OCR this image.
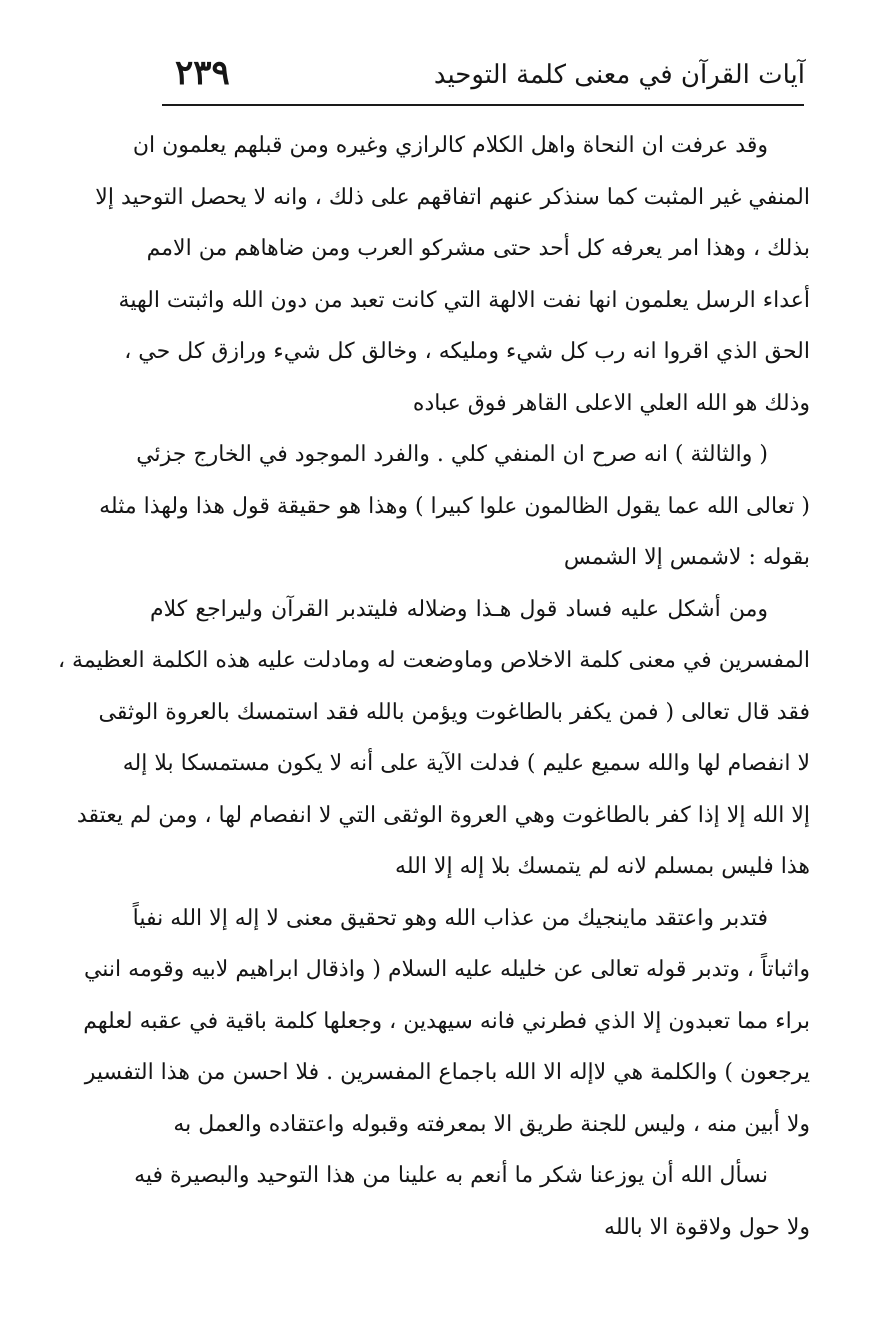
آيات القرآن في معنى كلمة التوحيد
٢٣٩
وقد عرفت ان النحاة واهل الكلام كالرازي وغيره ومن قبلهم يعلمون ان
المنفي غير المثبت كما سنذكر عنهم اتفاقهم على ذلك ، وانه لا يحصل التوحيد إلا
بذلك ، وهذا امر يعرفه كل أحد حتى مشركو العرب ومن ضاهاهم من الامم
أعداء الرسل يعلمون انها نفت الالهة التي كانت تعبد من دون الله واثبتت الهية
الحق الذي اقروا انه رب كل شيء ومليكه ، وخالق كل شيء ورازق كل حي ،
وذلك هو الله العلي الاعلى القاهر فوق عباده
( والثالثة ) انه صرح ان المنفي كلي . والفرد الموجود في الخارج جزئي
( تعالى الله عما يقول الظالمون علوا كبيرا ) وهذا هو حقيقة قول هذا ولهذا مثله
بقوله : لاشمس إلا الشمس
ومن أشكل عليه فساد قول هـذا وضلاله فليتدبر القرآن وليراجع كلام
المفسرين في معنى كلمة الاخلاص وماوضعت له ومادلت عليه هذه الكلمة العظيمة ،
فقد قال تعالى ( فمن يكفر بالطاغوت ويؤمن بالله فقد استمسك بالعروة الوثقى
لا انفصام لها والله سميع عليم ) فدلت الآية على أنه لا يكون مستمسكا بلا إله
إلا الله إلا إذا كفر بالطاغوت وهي العروة الوثقى التي لا انفصام لها ، ومن لم يعتقد
هذا فليس بمسلم لانه لم يتمسك بلا إله إلا الله
فتدبر واعتقد ماينجيك من عذاب الله وهو تحقيق معنى لا إله إلا الله نفياً
واثباتاً ، وتدبر قوله تعالى عن خليله عليه السلام ( واذقال ابراهيم لابيه وقومه انني
براء مما تعبدون إلا الذي فطرني فانه سيهدين ، وجعلها كلمة باقية في عقبه لعلهم
يرجعون ) والكلمة هي لاإله الا الله باجماع المفسرين . فلا احسن من هذا التفسير
ولا أبين منه ، وليس للجنة طريق الا بمعرفته وقبوله واعتقاده والعمل به
نسأل الله أن يوزعنا شكر ما أنعم به علينا من هذا التوحيد والبصيرة فيه
ولا حول ولاقوة الا بالله
